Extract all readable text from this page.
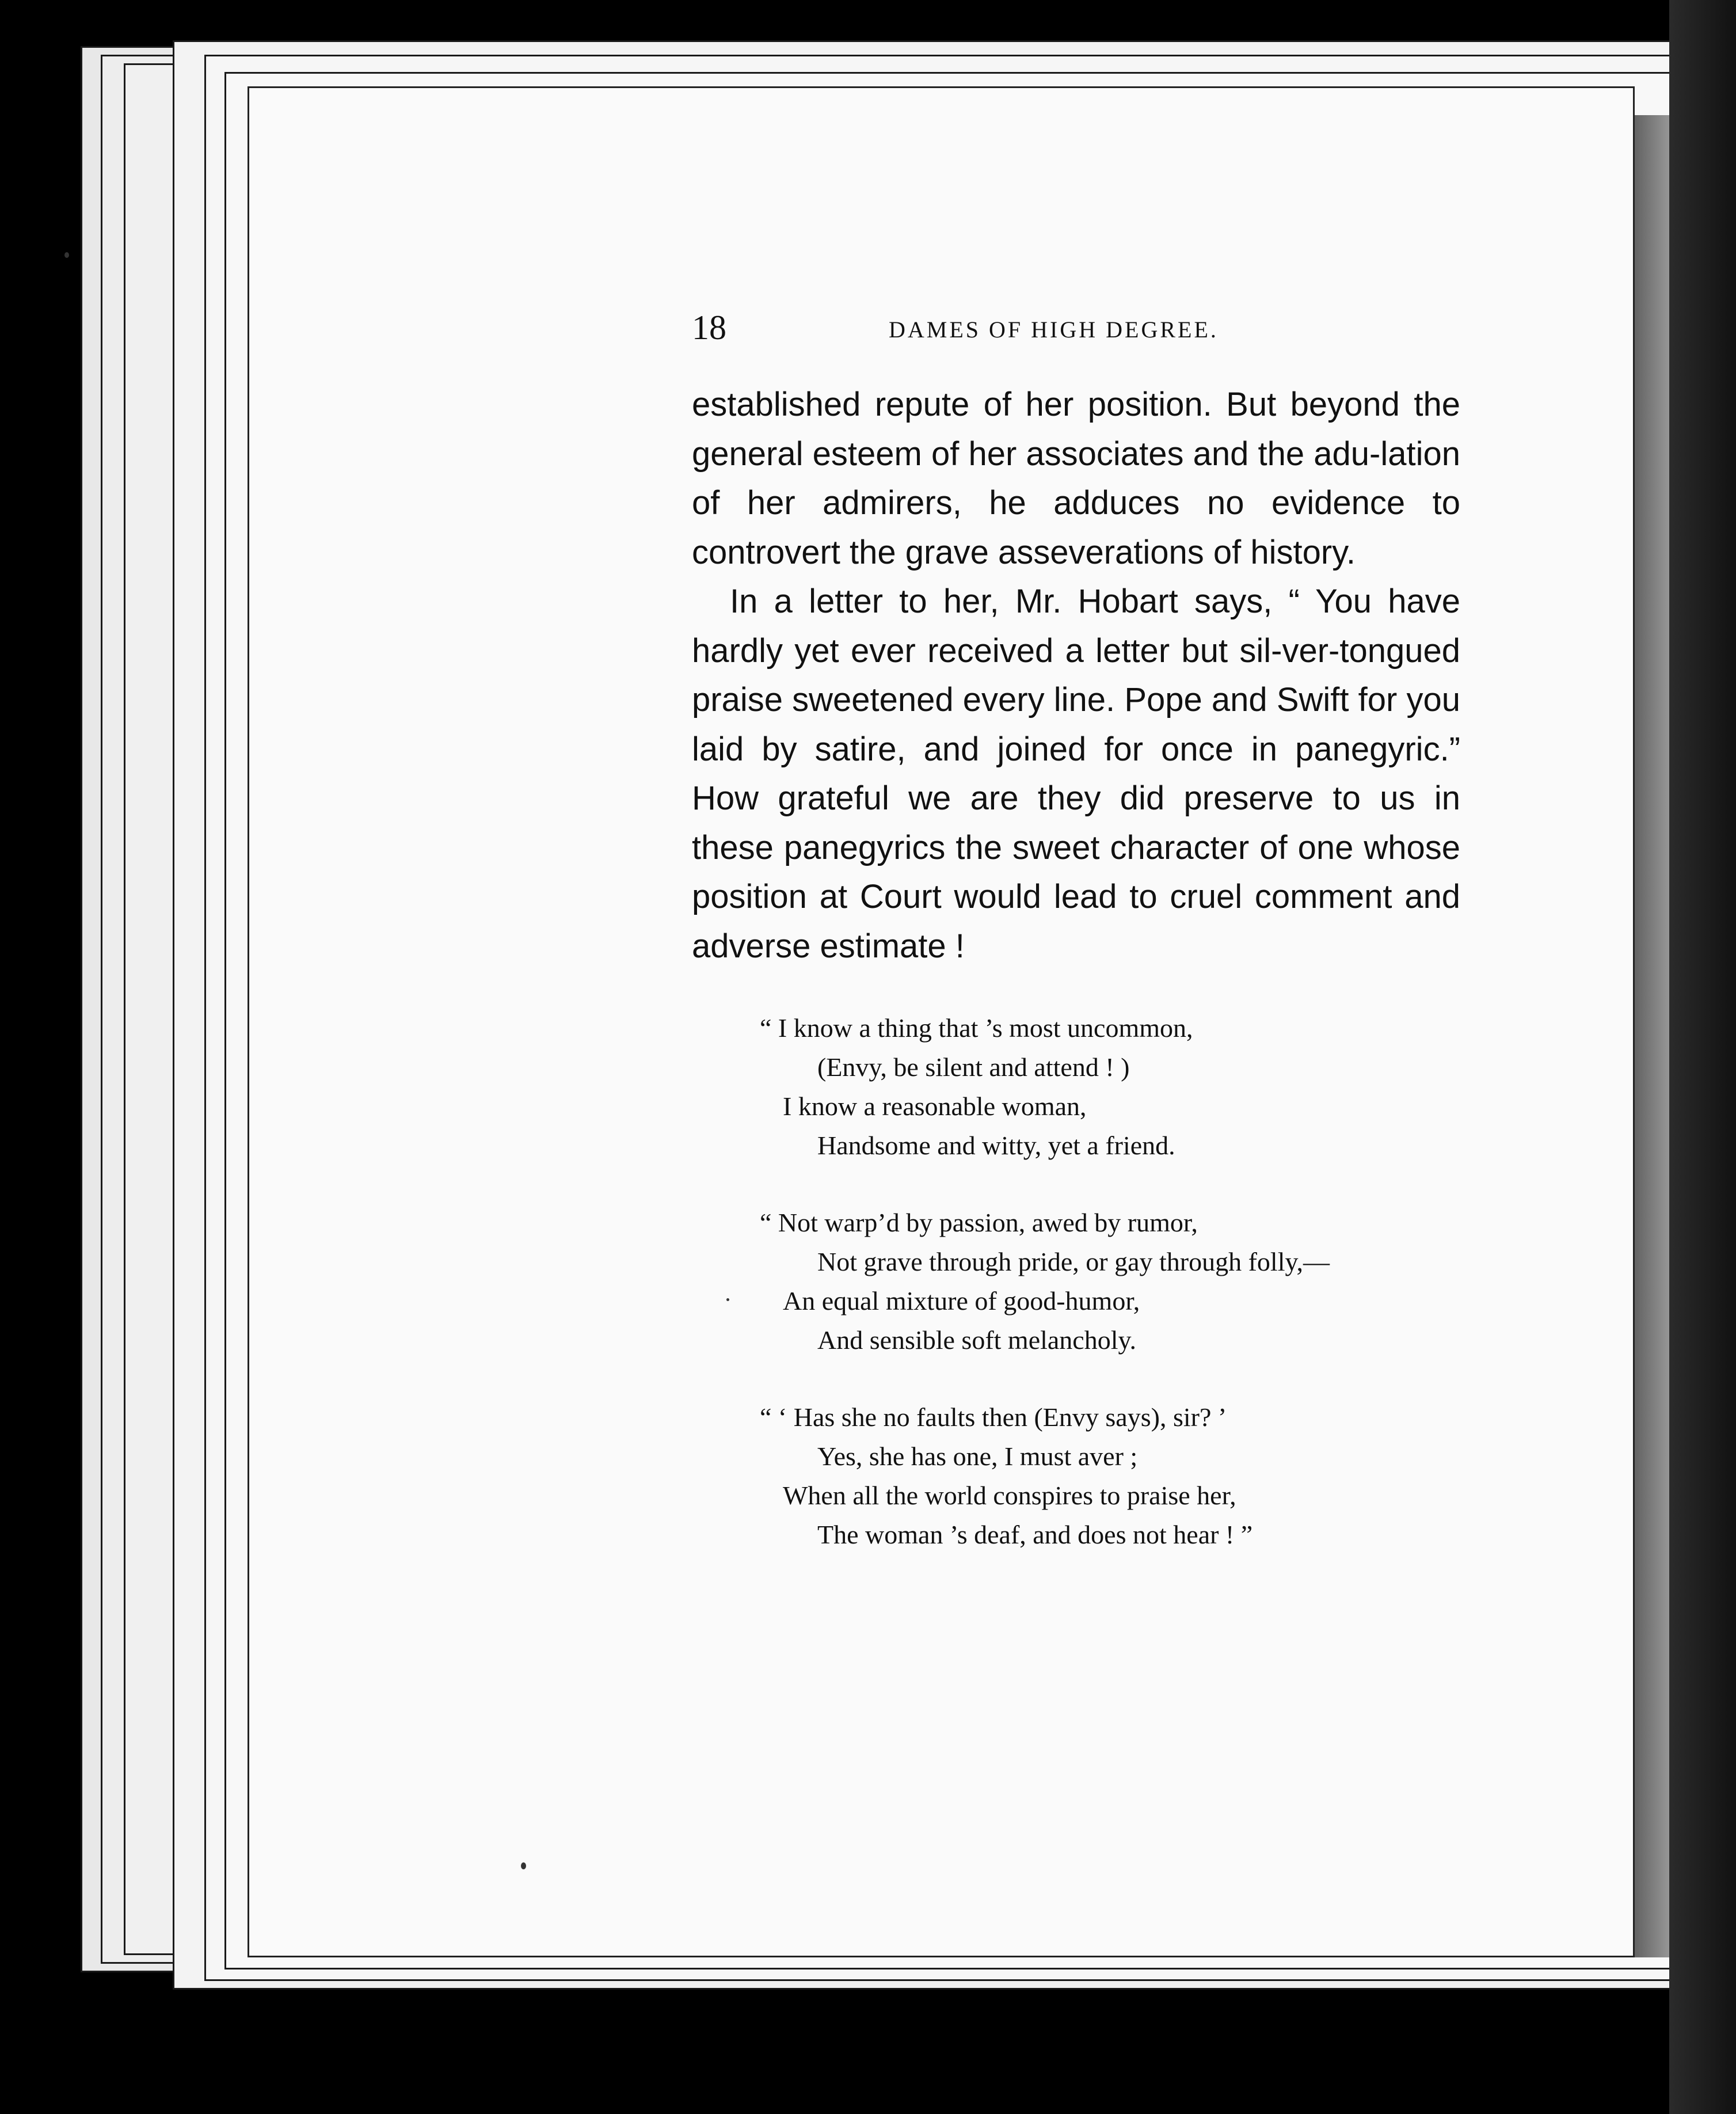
18	DAMES OF HIGH DEGREE.

established repute of her position. But beyond the general esteem of her associates and the adu-lation of her admirers, he adduces no evidence to controvert the grave asseverations of history.

In a letter to her, Mr. Hobart says, “ You have hardly yet ever received a letter but sil-ver-tongued praise sweetened every line. Pope and Swift for you laid by satire, and joined for once in panegyric.” How grateful we are they did preserve to us in these panegyrics the sweet character of one whose position at Court would lead to cruel comment and adverse estimate !

“ I know a thing that ’s most uncommon,
(Envy, be silent and attend ! )
I know a reasonable woman,
Handsome and witty, yet a friend.
“ Not warp’d by passion, awed by rumor,
Not grave through pride, or gay through folly,—
An equal mixture of good-humor,
And sensible soft melancholy.
“ ‘ Has she no faults then (Envy says), sir? ’
Yes, she has one, I must aver ;
When all the world conspires to praise her,
The woman ’s deaf, and does not hear ! ”
